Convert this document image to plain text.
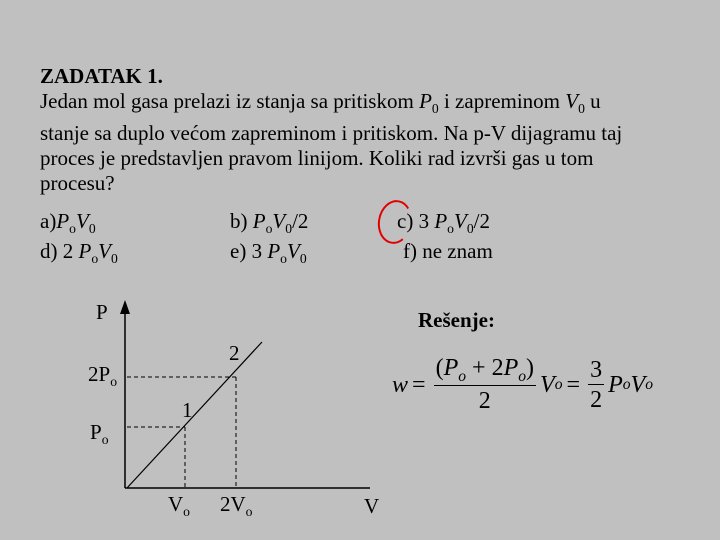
ZADATAK 1.
Jedan mol gasa prelazi iz stanja sa pritiskom $P_0$ i zapreminom $V_0$ u
stanje sa duplo većom zapreminom i pritiskom. Na p-V dijagramu taj
proces je predstavljen pravom linijom. Koliki rad izvrši gas u tom
procesu?
$a)P_oV_0$	b) $P_oV_0/2$	c) 3 $P_oV_0/2$
d) 2 $P_oV_0$	e) 3 $P_oV_0$	f) ne znam
P
V
$2P_o$
$P_o$
$V_o$ $2V_o$
1
2
Rešenje:
$w = \frac{(P_o + 2P_o)}{2}$ V $o = \frac{3}{2}$ P o V o
